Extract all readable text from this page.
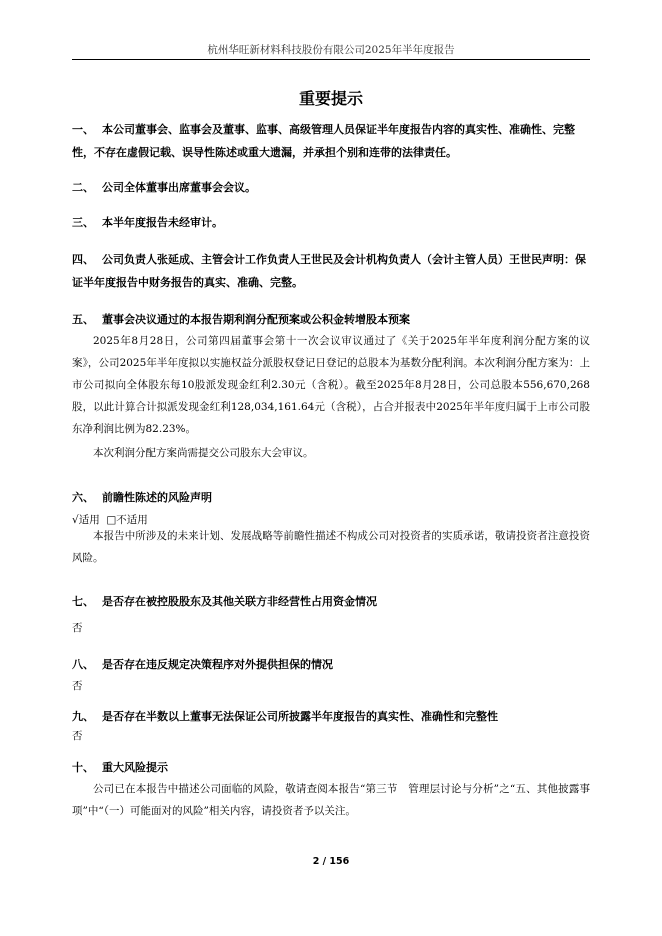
杭州华旺新材料科技股份有限公司2025年半年度报告
重要提示

一、 本公司董事会、监事会及董事、监事、高级管理人员保证半年度报告内容的真实性、准确性、完整性，不存在虚假记载、误导性陈述或重大遗漏，并承担个别和连带的法律责任。

二、 公司全体董事出席董事会会议。

三、 本半年度报告未经审计。

四、 公司负责人张延成、主管会计工作负责人王世民及会计机构负责人（会计主管人员）王世民声明：保证半年度报告中财务报告的真实、准确、完整。

五、 董事会决议通过的本报告期利润分配预案或公积金转增股本预案

2025年8月28日，公司第四届董事会第十一次会议审议通过了《关于2025年半年度利润分配方案的议案》，公司2025年半年度拟以实施权益分派股权登记日登记的总股本为基数分配利润。本次利润分配方案为：上市公司拟向全体股东每10股派发现金红利2.30元（含税）。截至2025年8月28日，公司总股本556,670,268股，以此计算合计拟派发现金红利128,034,161.64元（含税），占合并报表中2025年半年度归属于上市公司股东净利润比例为82.23%。

本次利润分配方案尚需提交公司股东大会审议。

六、 前瞻性陈述的风险声明

√适用 □不适用

本报告中所涉及的未来计划、发展战略等前瞻性描述不构成公司对投资者的实质承诺，敬请投资者注意投资风险。

七、 是否存在被控股股东及其他关联方非经营性占用资金情况

否

八、 是否存在违反规定决策程序对外提供担保的情况

否

九、 是否存在半数以上董事无法保证公司所披露半年度报告的真实性、准确性和完整性

否

十、 重大风险提示

公司已在本报告中描述公司面临的风险，敬请查阅本报告“第三节　管理层讨论与分析”之“五、其他披露事项”中“（一）可能面对的风险”相关内容，请投资者予以关注。

2 / 156
